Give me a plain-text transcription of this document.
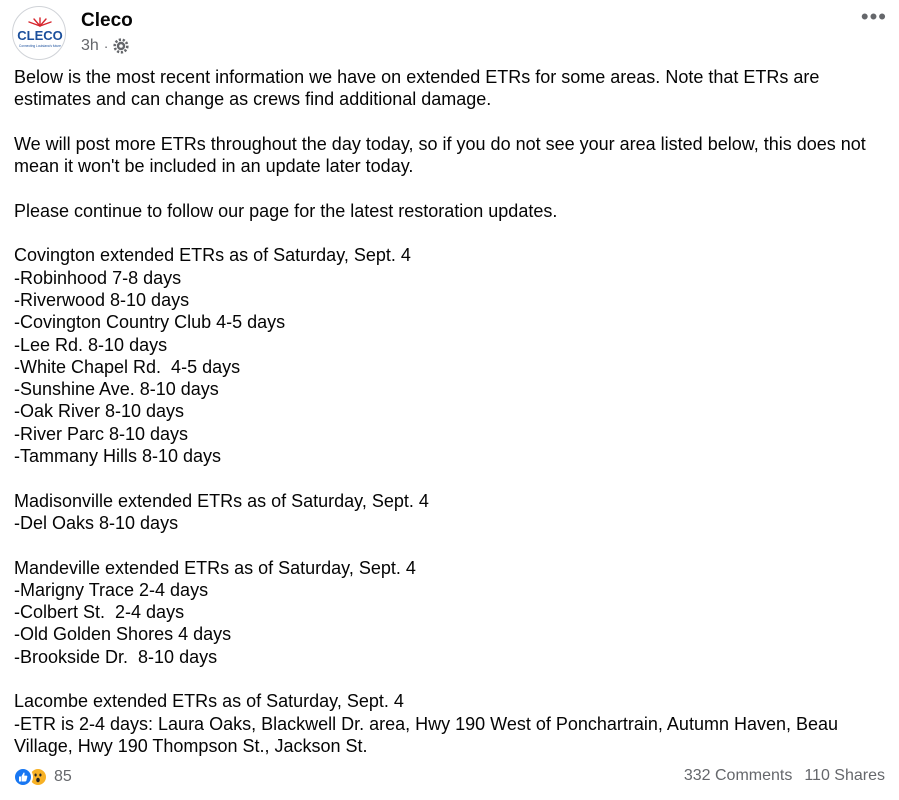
CLECO
Connecting Louisiana's future
Cleco
3h ·
•••

Below is the most recent information we have on extended ETRs for some areas. Note that ETRs are estimates and can change as crews find additional damage.

We will post more ETRs throughout the day today, so if you do not see your area listed below, this does not mean it won't be included in an update later today.

Please continue to follow our page for the latest restoration updates.

Covington extended ETRs as of Saturday, Sept. 4

-Robinhood 7-8 days

-Riverwood 8-10 days

-Covington Country Club 4-5 days

-Lee Rd. 8-10 days

-White Chapel Rd.  4-5 days

-Sunshine Ave. 8-10 days

-Oak River 8-10 days

-River Parc 8-10 days

-Tammany Hills 8-10 days

Madisonville extended ETRs as of Saturday, Sept. 4

-Del Oaks 8-10 days

Mandeville extended ETRs as of Saturday, Sept. 4

-Marigny Trace 2-4 days

-Colbert St.  2-4 days

-Old Golden Shores 4 days

-Brookside Dr.  8-10 days

Lacombe extended ETRs as of Saturday, Sept. 4

-ETR is 2-4 days: Laura Oaks, Blackwell Dr. area, Hwy 190 West of Ponchartrain, Autumn Haven, Beau Village, Hwy 190 Thompson St., Jackson St.

85	332 Comments 110 Shares
